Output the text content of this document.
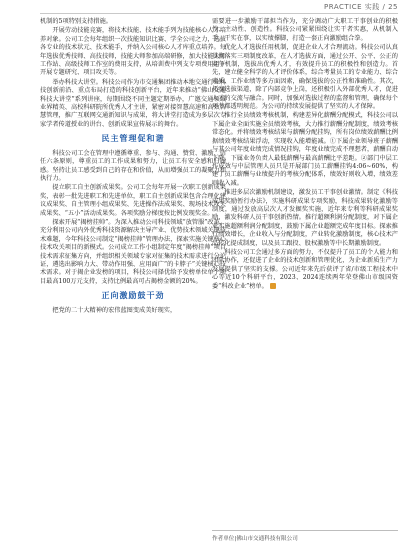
PRACTICE 实践 / 25

机制的5项特别支持措施。

开展劳动技能竞赛，将技术技能、技术能手列为技能核心人才培养对象。公司工会每年组织一次技能知识比赛、学全公司之力，选拔各专业的技术状元、技术能手，并纳入公司核心人才库重点培养。每年选拔优秀技师、高技技师，技能大师参加高端研修，加大技能大师工作站、高级技师工作室的费用支持，从培训费中列支专项费用用于开展专题研究、项目攻关等。

举办科技大讲堂。科技公司作为市交通集团推动本地交通行业科技创新前沿、重点布局打造的科技创新平台，近年来推动“佛山交通科技大讲堂”系列讲座，每期围绕不同主题定期举办，广邀交通领域业界精英、高校科研院所优秀人才主讲，紧密对接智慧高速和高效智慧管理，推广互联网交通新知识与成果，将大讲堂打造成为多层次专家学者传道授业的讲台、创新成果宣传展示的舞台。

民主管理促和谐

科技公司工会在管理中遵循尊重、参与、沟通、赞赏、激励、信任六条原则，尊重员工的工作成果和努力，让员工有安全感和归属感。坚持让员工感受到自己的存在和价值，从而增强员工的凝聚力和执行力。

提立职工自主创新成果奖。公司工会每年开展一次职工创新成果奖，表彰一批先进职工和先进单位，职工自主创新成果包含合理化建议成果奖、自主管理小组成果奖、先进操作法成果奖、现场技术攻关成果奖、“五小”活动成果奖。各项奖励分梯度按比例发现奖金。

探索开展“揭榜挂帅”。为深入推动公司科技领域“放管服”改革，充分利用公司内外优秀科技资源解决主导产业、优势技术领域关键技术难题，今年科技公司制定“揭榜挂帅”管理办法，探索实施关键核心技术攻关项目的新模式。公司成立工作小组制定年度“揭榜挂帅”项目技术需求征集方向，并组织相关领域专家对征集的技术需求进行分论证，遴选出影响力大、带动作用强、应用面广“的卡脖子”关键核心技术需求。对于揭企业发榜的项目，科技公司择优给予发榜单位单个项目最高100万元支持，支持比例最高可占揭榜金额的20%。

正向激励鼓干劲

把党的二十大精神的宏伟蓝图变成美好现实，

需要进一步激励干部担当作为，充分调动广大职工干事创业的积极性、主动性、创造性。科技公司紧紧围绕让实干者实惠，从机制入手，干实在事，以实绩撑脚，打造一套正向激励组合拳。

优化人才选拔任用机制，促进企业人才合理流动。科技公司认真贯彻落实三项制度改革，在人才选拔方面，通过公开、公平、公正的竞争机制，选拔出优秀人才，有效提升员工的积极性和创造力。首先，建立健全科学的人才评价体系，综合考量员工的专业能力、综合素质、工作业绩等多方面因素，确保选拔的公正性和准确性。其次，拓宽选拔渠道，除了内部竞争上岗，还积极引入外部优秀人才，促进人才的交流与融合。同时，加强对选拔过程的监督和管理，确保每个环节都透明规范。为公司的持续发展提供了坚实的人才保障。

推行全员绩效考核机制，构建差异化薪酬分配模式，科技公司以下属企业全面实施全员绩效考核，大力推行薪酬分配制度，绩效考核常态化。并将绩效考核结果与薪酬分配挂钩，所有岗位绩效薪酬比例据绩效考核结果浮动，实现收入能增能减。①下属企业领导班子薪酬与其公司年度业绩完成情况挂钩，年度业绩完成不理想者，薪酬自动下降，下属业务负责人最低薪酬与最高薪酬比平差距。②部门中层工作成效与中层管理人员只是开展部门员工薪酬挂钩4:06~60%，构建了员工薪酬与业绩提升的考核分配体系，绩效好则收入增，绩效差则收入减。

推进多层次激励机制建设，激发员工干事创业激情。制定《科技成果奖励暂行办法》，实施科研成果专项奖励，科技成果转化激励等制度，通过发放高层次人才发掘奖实施，近年来专利等科研成果奖励，激发科研人员干事创新热情。推行超额利润分配制度，对下属企业实施超额利润分配制度，鼓励下属企业超额完成年度目标。探索推行绩效增长，企业收入与分配制度，产业转化激励制度，核心技术产品转化提成制度，以及员工跟投、股权激励等中长期激励制度。

科技公司工会通过多方面的努力，不仅提升了员工的个人能力和团队协作，还促进了企业的技术创新和管理优化，为企业新质生产力发展提供了坚实的支撑。公司近年来先后获评了省/市级工程技术中心等近10个科研平台，2023、2024连续两年荣登佛山市级国资委“科改企业”榜单。

作者单位|佛山市交通科技有限公司
